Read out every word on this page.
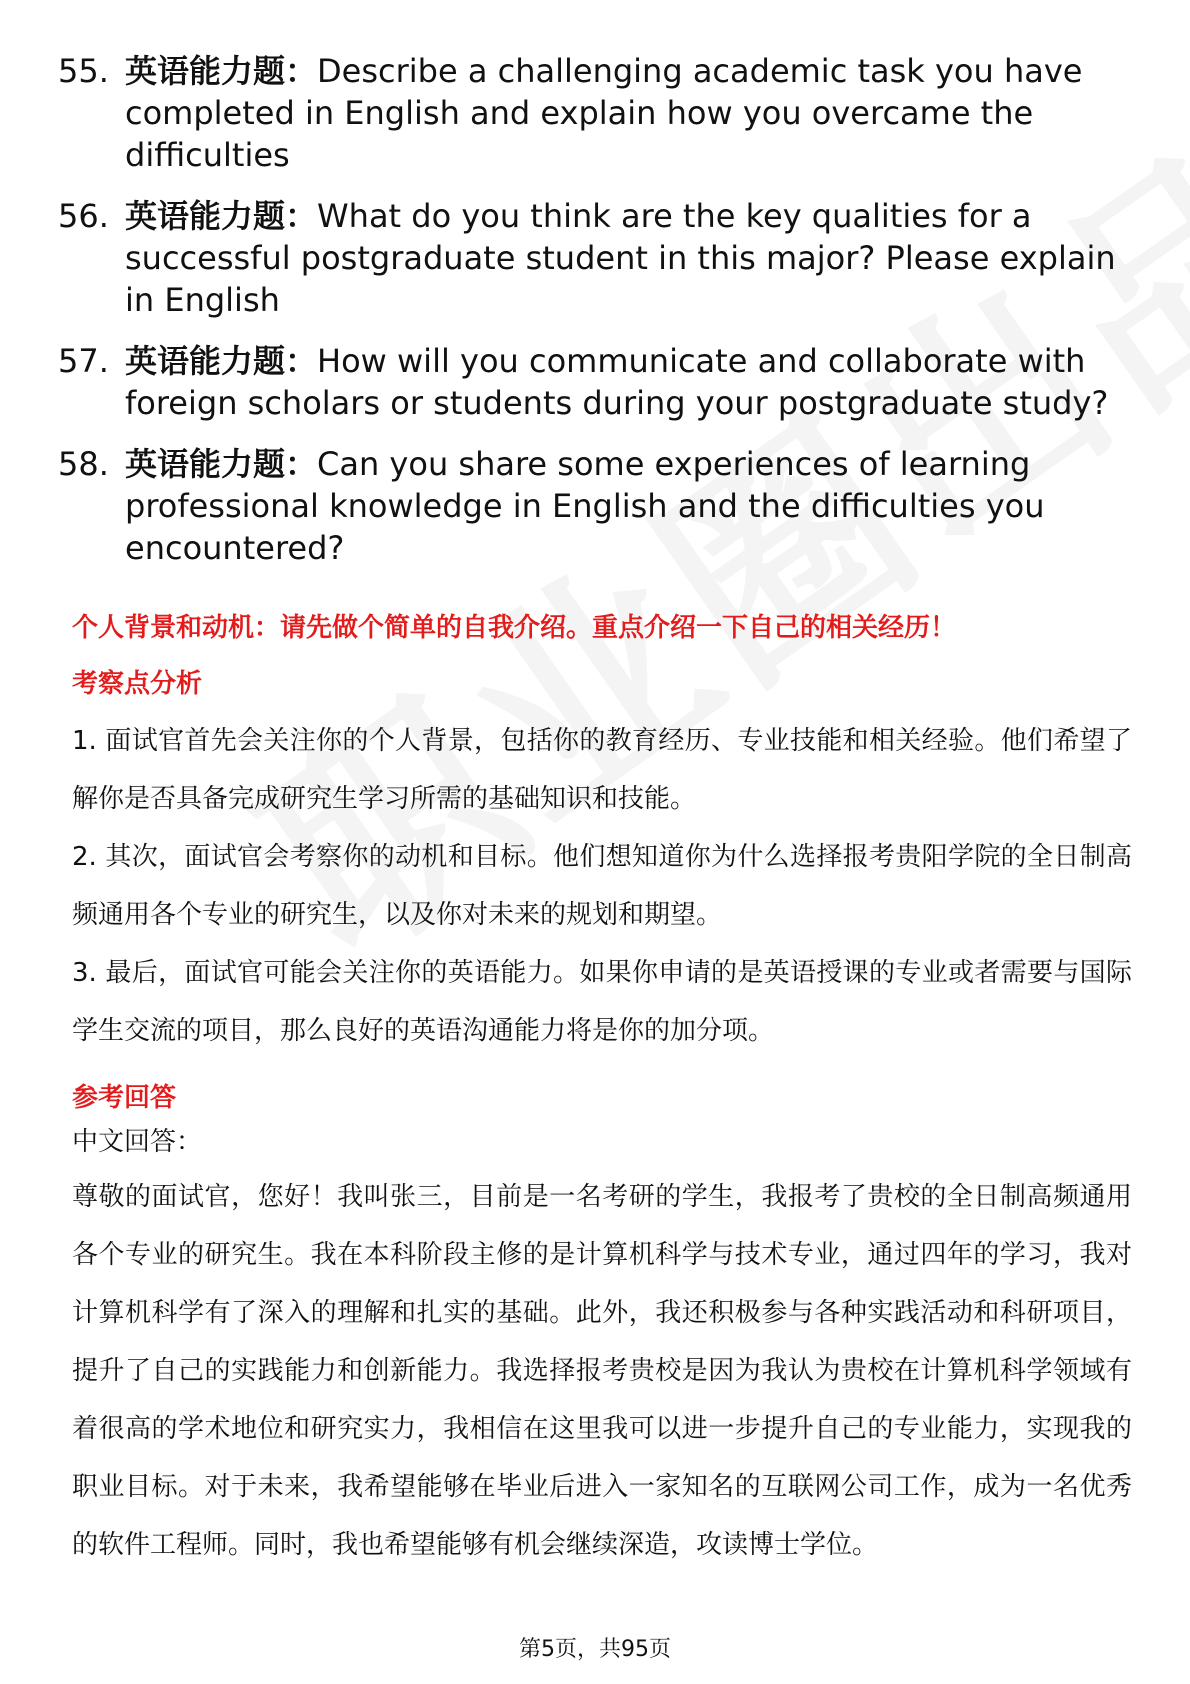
55. 英语能力题：Describe a challenging academic task you have completed in English and explain how you overcame the difficulties
56. 英语能力题：What do you think are the key qualities for a successful postgraduate student in this major? Please explain in English
57. 英语能力题：How will you communicate and collaborate with foreign scholars or students during your postgraduate study?
58. 英语能力题：Can you share some experiences of learning professional knowledge in English and the difficulties you encountered?
个人背景和动机：请先做个简单的自我介绍。重点介绍一下自己的相关经历！
考察点分析
1. 面试官首先会关注你的个人背景，包括你的教育经历、专业技能和相关经验。他们希望了解你是否具备完成研究生学习所需的基础知识和技能。
2. 其次，面试官会考察你的动机和目标。他们想知道你为什么选择报考贵阳学院的全日制高频通用各个专业的研究生，以及你对未来的规划和期望。
3. 最后，面试官可能会关注你的英语能力。如果你申请的是英语授课的专业或者需要与国际学生交流的项目，那么良好的英语沟通能力将是你的加分项。
参考回答
中文回答：
尊敬的面试官，您好！我叫张三，目前是一名考研的学生，我报考了贵校的全日制高频通用各个专业的研究生。我在本科阶段主修的是计算机科学与技术专业，通过四年的学习，我对计算机科学有了深入的理解和扎实的基础。此外，我还积极参与各种实践活动和科研项目，提升了自己的实践能力和创新能力。我选择报考贵校是因为我认为贵校在计算机科学领域有着很高的学术地位和研究实力，我相信在这里我可以进一步提升自己的专业能力，实现我的职业目标。对于未来，我希望能够在毕业后进入一家知名的互联网公司工作，成为一名优秀的软件工程师。同时，我也希望能够有机会继续深造，攻读博士学位。
第5页，共95页
